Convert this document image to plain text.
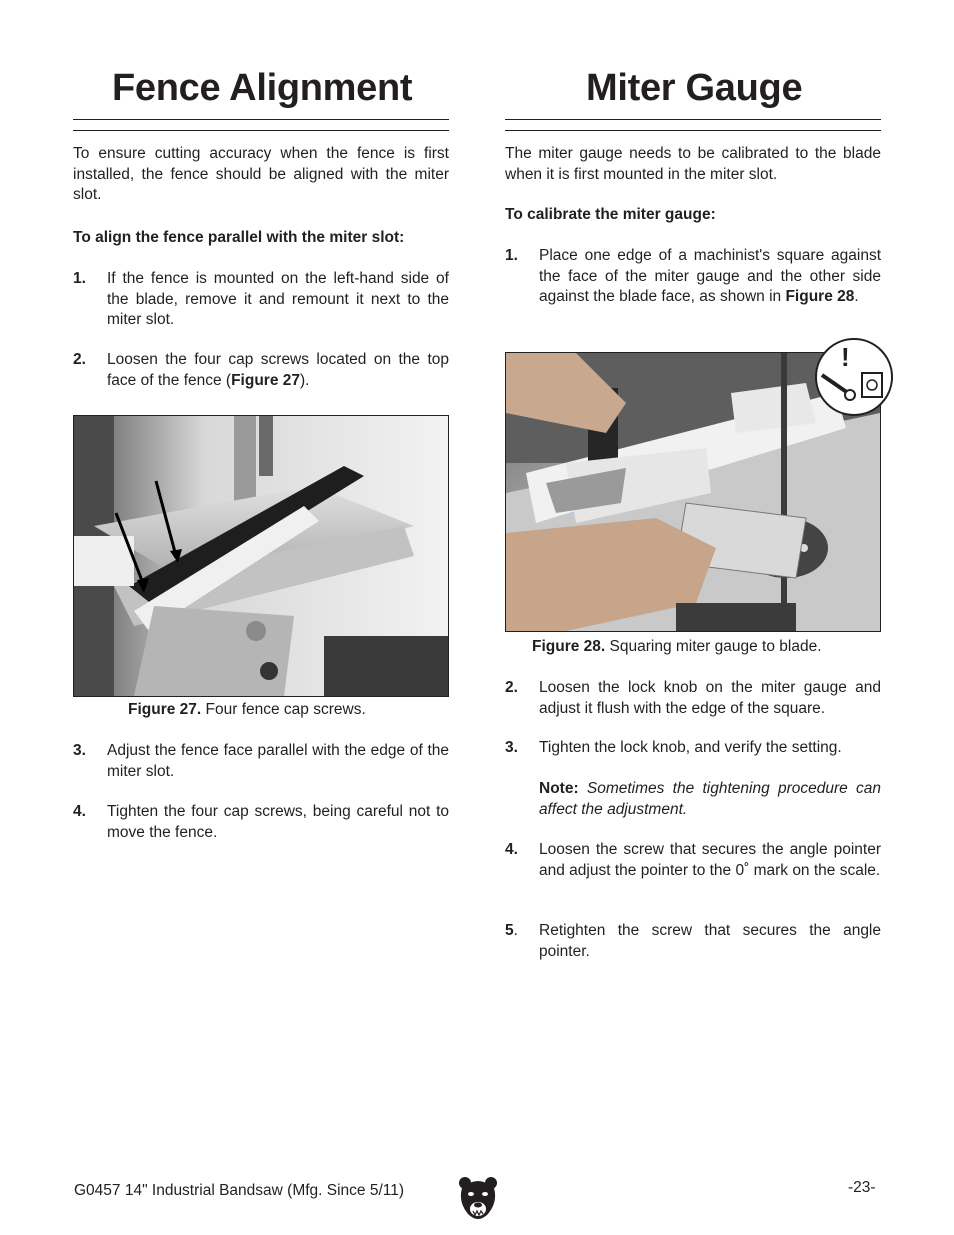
Fence Alignment

To ensure cutting accuracy when the fence is first installed, the fence should be aligned with the miter slot.

To align the fence parallel with the miter slot:

1. If the fence is mounted on the left-hand side of the blade, remove it and remount it next to the miter slot.
2. Loosen the four cap screws located on the top face of the fence (Figure 27).
Figure 27. Four fence cap screws.
3. Adjust the fence face parallel with the edge of the miter slot.
4. Tighten the four cap screws, being careful not to move the fence.
Miter Gauge

The miter gauge needs to be calibrated to the blade when it is first mounted in the miter slot.

To calibrate the miter gauge:

1. Place one edge of a machinist's square against the face of the miter gauge and the other side against the blade face, as shown in Figure 28.
!
Figure 28. Squaring miter gauge to blade.
2. Loosen the lock knob on the miter gauge and adjust it flush with the edge of the square.
3. Tighten the lock knob, and verify the setting.
Note: Sometimes the tightening procedure can affect the adjustment.
4. Loosen the screw that secures the angle pointer and adjust the pointer to the 0˚ mark on the scale.
5. Retighten the screw that secures the angle pointer.
G0457 14" Industrial Bandsaw (Mfg. Since 5/11)	-23-
